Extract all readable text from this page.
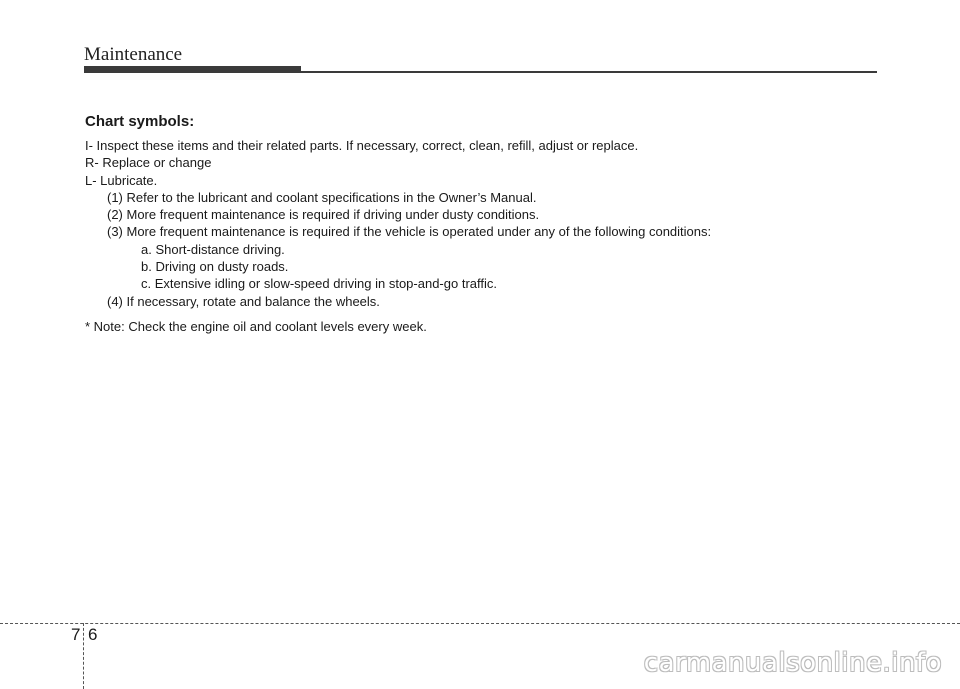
Maintenance

Chart symbols:

I- Inspect these items and their related parts. If necessary, correct, clean, refill, adjust or replace.

R- Replace or change

L- Lubricate.

(1) Refer to the lubricant and coolant specifications in the Owner’s Manual.

(2) More frequent maintenance is required if driving under dusty conditions.

(3) More frequent maintenance is required if the vehicle is operated under any of the following conditions:

a. Short-distance driving.

b. Driving on dusty roads.

c. Extensive idling or slow-speed driving in stop-and-go traffic.

(4) If necessary, rotate and balance the wheels.

* Note: Check the engine oil and coolant levels every week.

7 6
carmanualsonline.info
